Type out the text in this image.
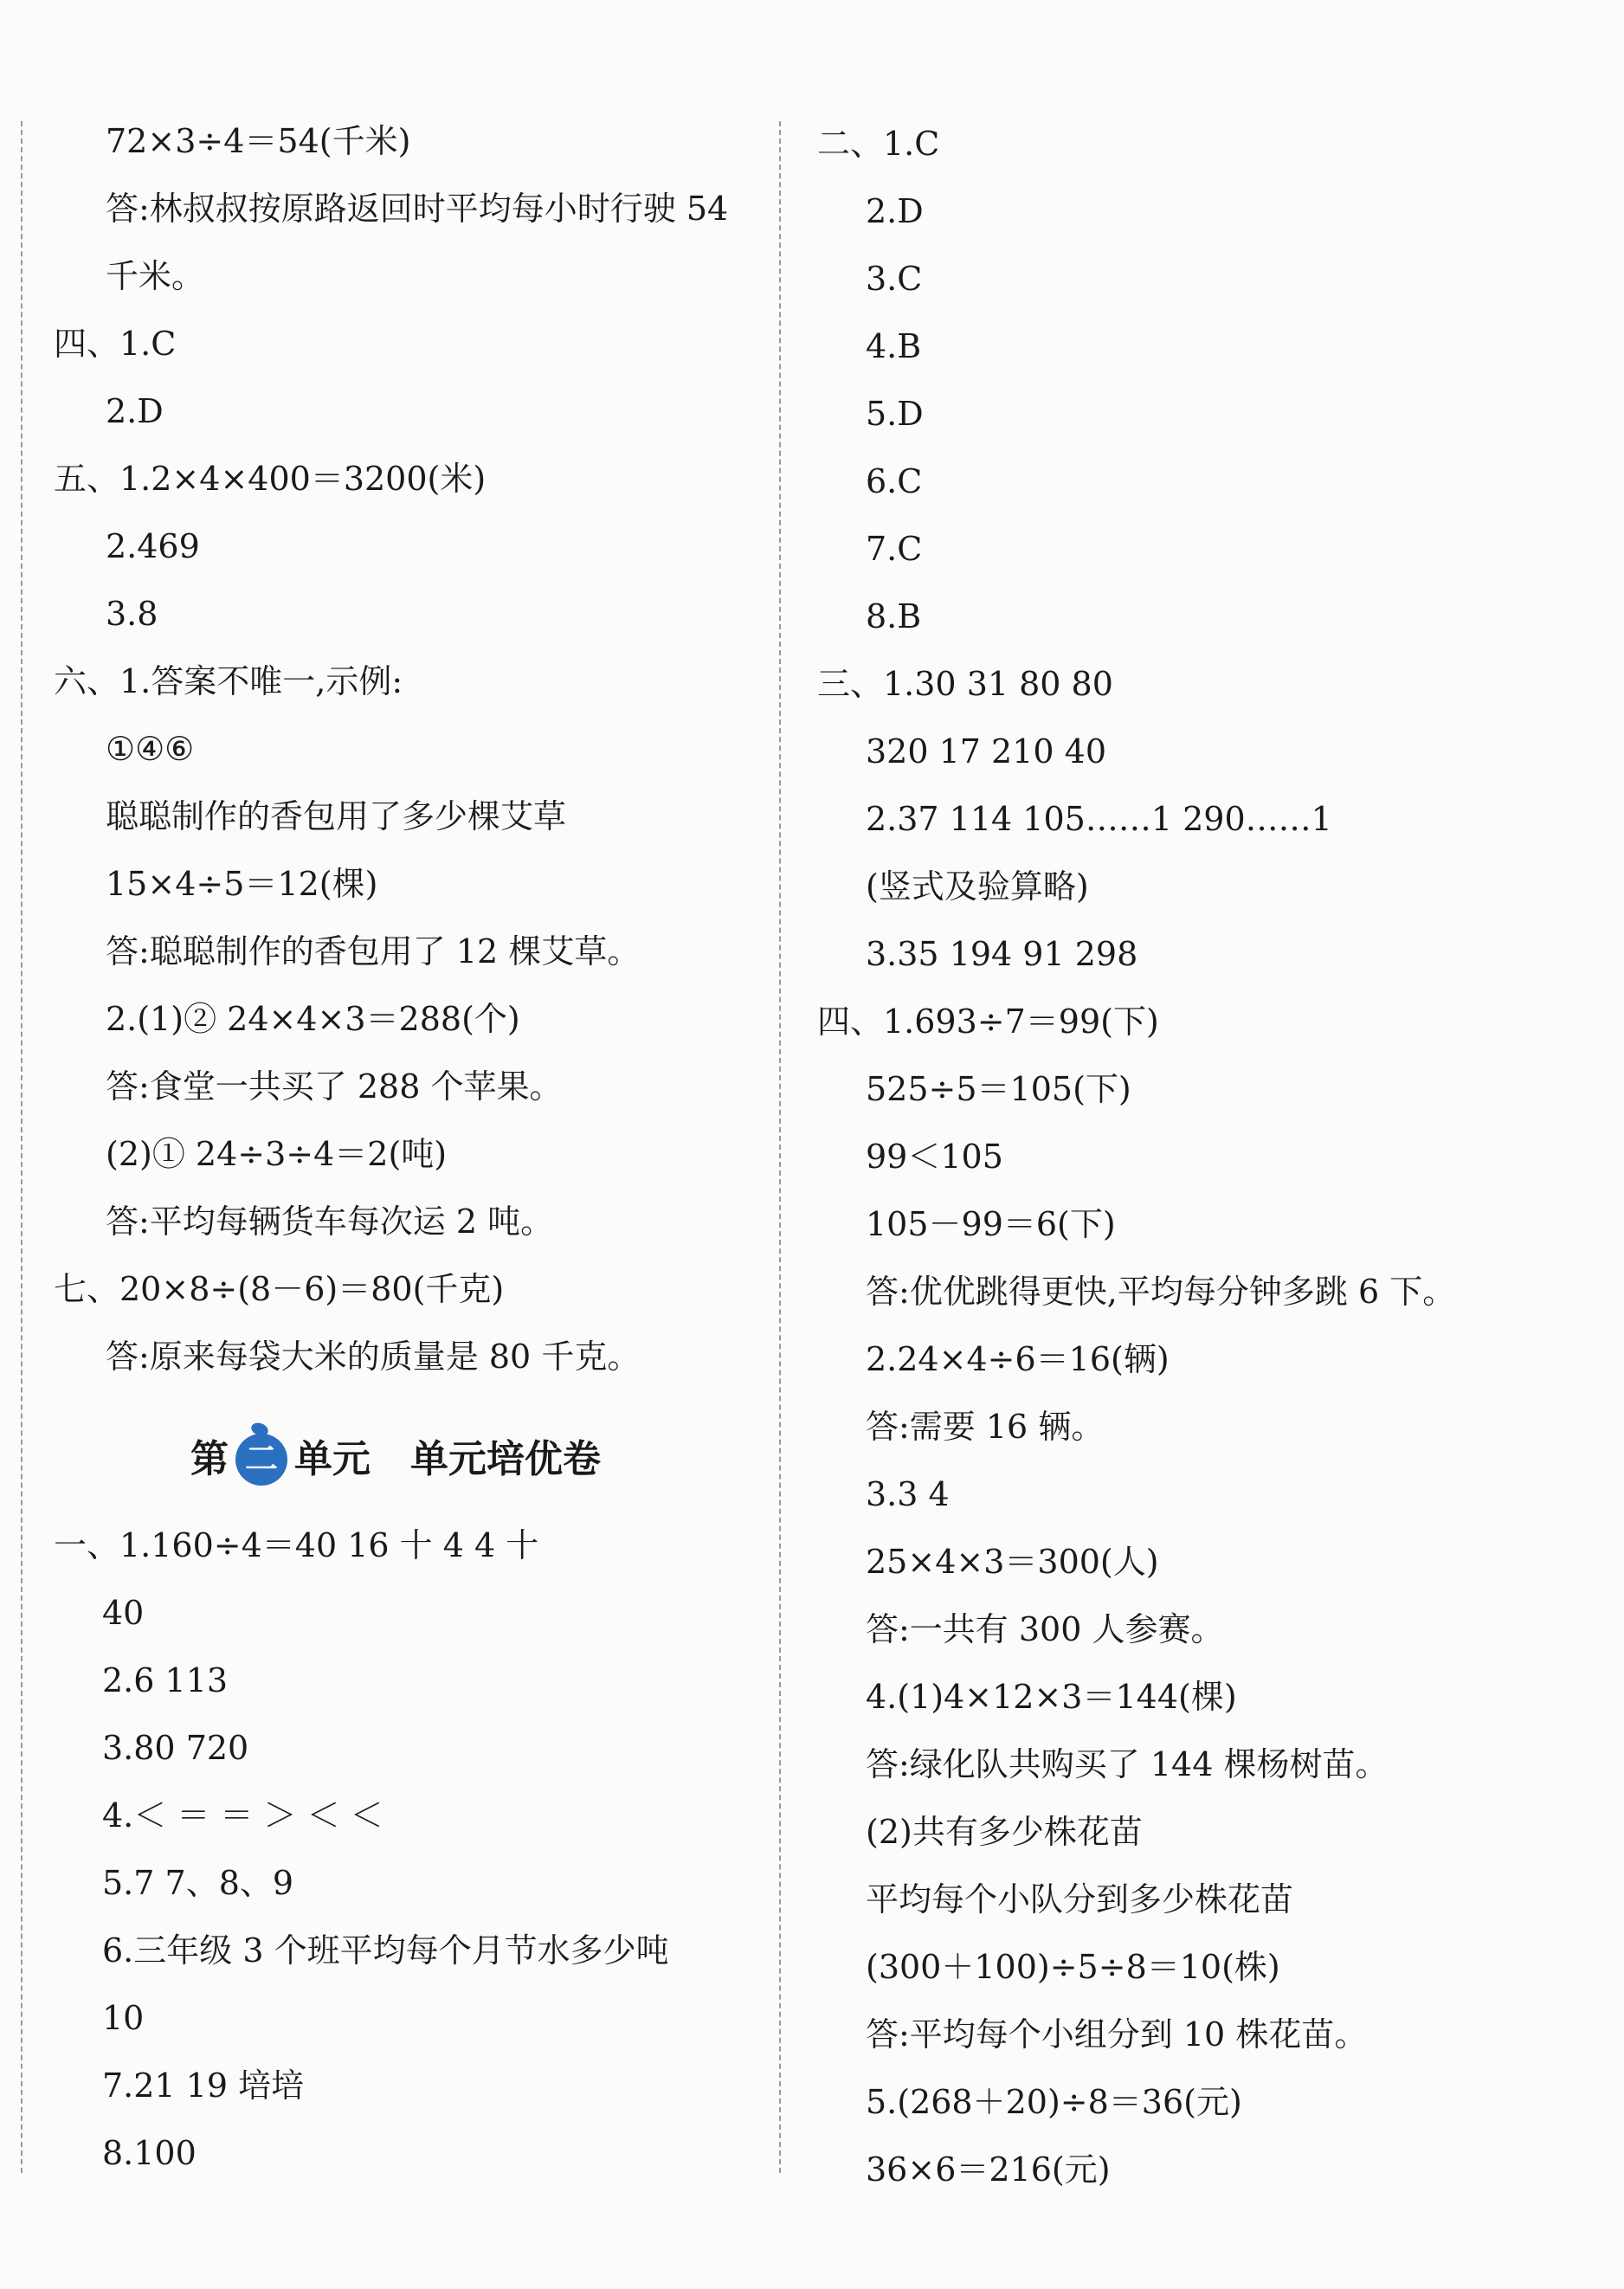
72×3÷4＝54(千米)
答:林叔叔按原路返回时平均每小时行驶 54
千米。
四、1.C
2.D
五、1.2×4×400＝3200(米)
2.469
3.8
六、1.答案不唯一,示例:
①④⑥
聪聪制作的香包用了多少棵艾草
15×4÷5＝12(棵)
答:聪聪制作的香包用了 12 棵艾草。
2.(1)② 24×4×3＝288(个)
答:食堂一共买了 288 个苹果。
(2)① 24÷3÷4＝2(吨)
答:平均每辆货车每次运 2 吨。
七、20×8÷(8－6)＝80(千克)
答:原来每袋大米的质量是 80 千克。
第 二 单元 单元培优卷
一、1.160÷4＝40 16 十 4 4 十
40
2.6 113
3.80 720
4.＜ ＝ ＝ ＞ ＜ ＜
5.7 7、8、9
6.三年级 3 个班平均每个月节水多少吨
10
7.21 19 培培
8.100
二、1.C
2.D
3.C
4.B
5.D
6.C
7.C
8.B
三、1.30 31 80 80
320 17 210 40
2.37 114 105……1 290……1
(竖式及验算略)
3.35 194 91 298
四、1.693÷7＝99(下)
525÷5＝105(下)
99＜105
105－99＝6(下)
答:优优跳得更快,平均每分钟多跳 6 下。
2.24×4÷6＝16(辆)
答:需要 16 辆。
3.3 4
25×4×3＝300(人)
答:一共有 300 人参赛。
4.(1)4×12×3＝144(棵)
答:绿化队共购买了 144 棵杨树苗。
(2)共有多少株花苗
平均每个小队分到多少株花苗
(300＋100)÷5÷8＝10(株)
答:平均每个小组分到 10 株花苗。
5.(268＋20)÷8＝36(元)
36×6＝216(元)
